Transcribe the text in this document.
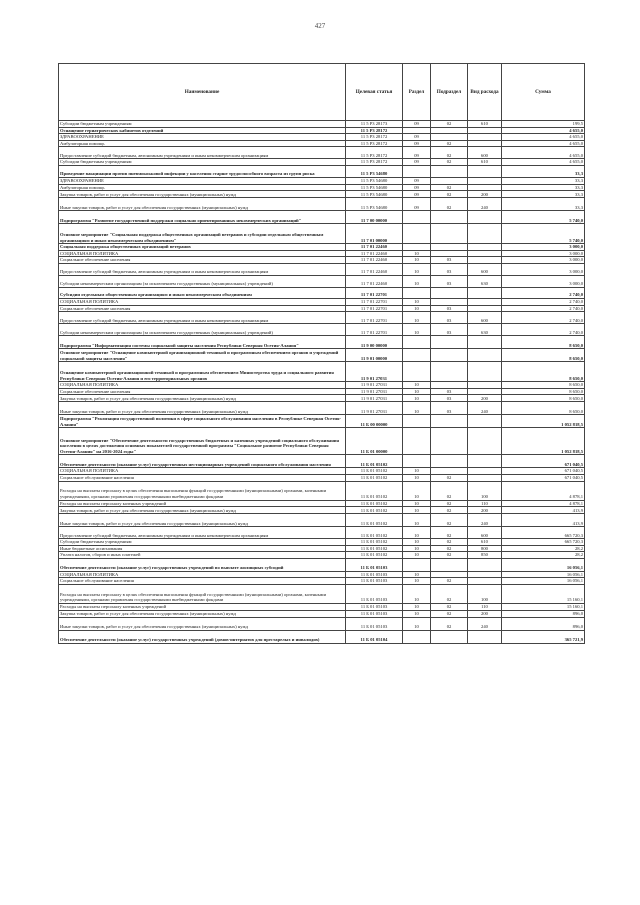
427
Наименование	Целевая статья	Раздел	Подраздел	Вид расхода	Сумма
Субсидии бюджетным учреждениям	11 5 Р3 28173	09	02	610	199,5
Оснащение гериатрических кабинетов отделений	11 5 Р3 28172				4 655,0
ЗДРАВООХРАНЕНИЕ	11 5 Р3 28172	09			4 655,0
Амбулаторная помощь	11 5 Р3 28172	09	02		4 655,0
Предоставление субсидий бюджетным, автономным учреждениям и иным некоммерческим организациям	11 5 Р3 28172	09	02	600	4 655,0
Субсидии бюджетным учреждениям	11 5 Р3 28172	09	02	610	4 655,0
Проведение вакцинации против пневмококковой инфекции у населения старше трудоспособного возраста из групп риска	11 5 Р3 54680				33,3
ЗДРАВООХРАНЕНИЕ	11 5 Р3 54680	09			33,3
Амбулаторная помощь	11 5 Р3 54680	09	02		33,3
Закупка товаров, работ и услуг для обеспечения государственных (муниципальных) нужд	11 5 Р3 54680	09	02	200	33,3
Иные закупки товаров, работ и услуг для обеспечения государственных (муниципальных) нужд	11 5 Р3 54680	09	02	240	33,3
Подпрограмма "Развитие государственной поддержки социально ориентированных некоммерческих организаций"	11 7 00 00000				5 740,0
Основное мероприятие "Социальная поддержка общественных организаций ветеранов и субсидии отдельным общественным организациям и иным некоммерческим объединениям"	11 7 01 00000				5 740,0
Социальная поддержка общественных организаций ветеранов	11 7 01 22460				3 000,0
СОЦИАЛЬНАЯ ПОЛИТИКА	11 7 01 22460	10			3 000,0
Социальное обеспечение населения	11 7 01 22460	10	03		3 000,0
Предоставление субсидий бюджетным, автономным учреждениям и иным некоммерческим организациям	11 7 01 22460	10	03	600	3 000,0
Субсидии некоммерческим организациям (за исключением государственных (муниципальных) учреждений)	11 7 01 22460	10	03	630	3 000,0
Субсидии отдельным общественным организациям и иным некоммерческим объединениям	11 7 01 22701				2 740,0
СОЦИАЛЬНАЯ ПОЛИТИКА	11 7 01 22701	10			2 740,0
Социальное обеспечение населения	11 7 01 22701	10	03		2 740,0
Предоставление субсидий бюджетным, автономным учреждениям и иным некоммерческим организациям	11 7 01 22701	10	03	600	2 740,0
Субсидии некоммерческим организациям (за исключением государственных (муниципальных) учреждений)	11 7 01 22701	10	03	630	2 740,0
Подпрограмма "Информатизация системы социальной защиты населения Республики Северная Осетия-Алания"	11 9 00 00000				8 650,0
Основное мероприятие "Оснащение компьютерной организационной техникой и программным обеспечением органов и учреждений социальной защиты населения"	11 9 01 00000				8 650,0
Оснащение компьютерной организационной техникой и программным обеспечением Министерства труда и социального развития Республики Северная Осетия-Алания и его территориальных органов	11 9 01 27031				8 650,0
СОЦИАЛЬНАЯ ПОЛИТИКА	11 9 01 27031	10			8 650,0
Социальное обеспечение населения	11 9 01 27031	10	03		8 650,0
Закупка товаров, работ и услуг для обеспечения государственных (муниципальных) нужд	11 9 01 27031	10	03	200	8 650,0
Иные закупки товаров, работ и услуг для обеспечения государственных (муниципальных) нужд	11 9 01 27031	10	03	240	8 650,0
Подпрограмма "Реализация государственной политики в сфере социального обслуживания населения в Республике Северная Осетия-Алания"	11 Б 00 00000				1 052 818,5
Основное мероприятие "Обеспечение деятельности государственных бюджетных и казенных учреждений социального обслуживания населения в целях достижения основных показателей государственной программы "Социальное развитие Республики Северная Осетия-Алания" на 2016-2024 годы"	11 Б 01 00000				1 052 818,5
Обеспечение деятельности (оказание услуг) государственных нестационарных учреждений социального обслуживания населения	11 Б 01 05102				671 040,5
СОЦИАЛЬНАЯ ПОЛИТИКА	11 Б 01 05102	10			671 040,5
Социальное обслуживание населения	11 Б 01 05102	10	02		671 040,5
Расходы на выплаты персоналу в целях обеспечения выполнения функций государственными (муниципальными) органами, казенными учреждениями, органами управления государственными внебюджетными фондами	11 Б 01 05102	10	02	100	4 878,1
Расходы на выплаты персоналу казенных учреждений	11 Б 01 05102	10	02	110	4 878,1
Закупка товаров, работ и услуг для обеспечения государственных (муниципальных) нужд	11 Б 01 05102	10	02	200	413,9
Иные закупки товаров, работ и услуг для обеспечения государственных (муниципальных) нужд	11 Б 01 05102	10	02	240	413,9
Предоставление субсидий бюджетным, автономным учреждениям и иным некоммерческим организациям	11 Б 01 05102	10	02	600	665 720,3
Субсидии бюджетным учреждениям	11 Б 01 05102	10	02	610	665 720,3
Иные бюджетные ассигнования	11 Б 01 05102	10	02	800	28,2
Уплата налогов, сборов и иных платежей	11 Б 01 05102	10	02	850	28,2
Обеспечение деятельности (оказание услуг) государственных учреждений по выплате жилищных субсидий	11 Б 01 05103				16 056,1
СОЦИАЛЬНАЯ ПОЛИТИКА	11 Б 01 05103	10			16 056,1
Социальное обслуживание населения	11 Б 01 05103	10	02		16 056,1
Расходы на выплаты персоналу в целях обеспечения выполнения функций государственными (муниципальными) органами, казенными учреждениями, органами управления государственными внебюджетными фондами	11 Б 01 05103	10	02	100	15 160,1
Расходы на выплаты персоналу казенных учреждений	11 Б 01 05103	10	02	110	15 160,1
Закупка товаров, работ и услуг для обеспечения государственных (муниципальных) нужд	11 Б 01 05103	10	02	200	896,0
Иные закупки товаров, работ и услуг для обеспечения государственных (муниципальных) нужд	11 Б 01 05103	10	02	240	896,0
Обеспечение деятельности (оказание услуг) государственных учреждений (домов-интернатов для престарелых и инвалидов)	11 Б 01 05104				365 721,9
